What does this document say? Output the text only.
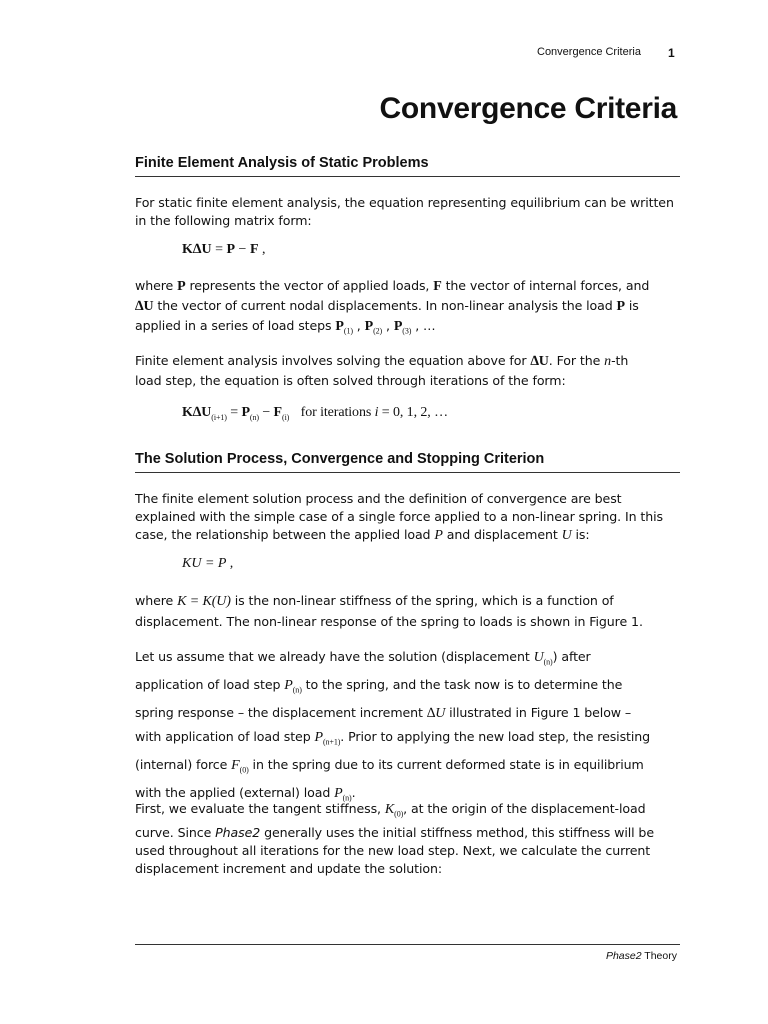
Convergence Criteria 1
Convergence Criteria
Finite Element Analysis of Static Problems
For static finite element analysis, the equation representing equilibrium can be written in the following matrix form:
K∆U = P − F ,
where P represents the vector of applied loads, F the vector of internal forces, and
∆U the vector of current nodal displacements. In non-linear analysis the load P is
applied in a series of load steps $P_{(1)}$ , $P_{(2)}$ , $P_{(3)}$ , …
Finite element analysis involves solving the equation above for ∆U. For the n-th
load step, the equation is often solved through iterations of the form:
$K\Delta U_{(i+1)} = P_{(n)} - F_{(i)}$ for iterations i = 0, 1, 2, …
The Solution Process, Convergence and Stopping Criterion
The finite element solution process and the definition of convergence are best explained with the simple case of a single force applied to a non-linear spring. In this case, the relationship between the applied load P and displacement U is:
KU = P ,
where K = K(U) is the non-linear stiffness of the spring, which is a function of
displacement. The non-linear response of the spring to loads is shown in Figure 1.
Let us assume that we already have the solution (displacement $U_{(n)}$) after
application of load step $P_{(n)}$ to the spring, and the task now is to determine the
spring response – the displacement increment ∆U illustrated in Figure 1 below –
with application of load step $P_{(n+1)}$. Prior to applying the new load step, the resisting
(internal) force $F_{(0)}$ in the spring due to its current deformed state is in equilibrium
with the applied (external) load $P_{(n)}$.
First, we evaluate the tangent stiffness, $K_{(0)}$, at the origin of the displacement-load curve. Since Phase2 generally uses the initial stiffness method, this stiffness will be used throughout all iterations for the new load step. Next, we calculate the current displacement increment and update the solution:
Phase2 Theory
